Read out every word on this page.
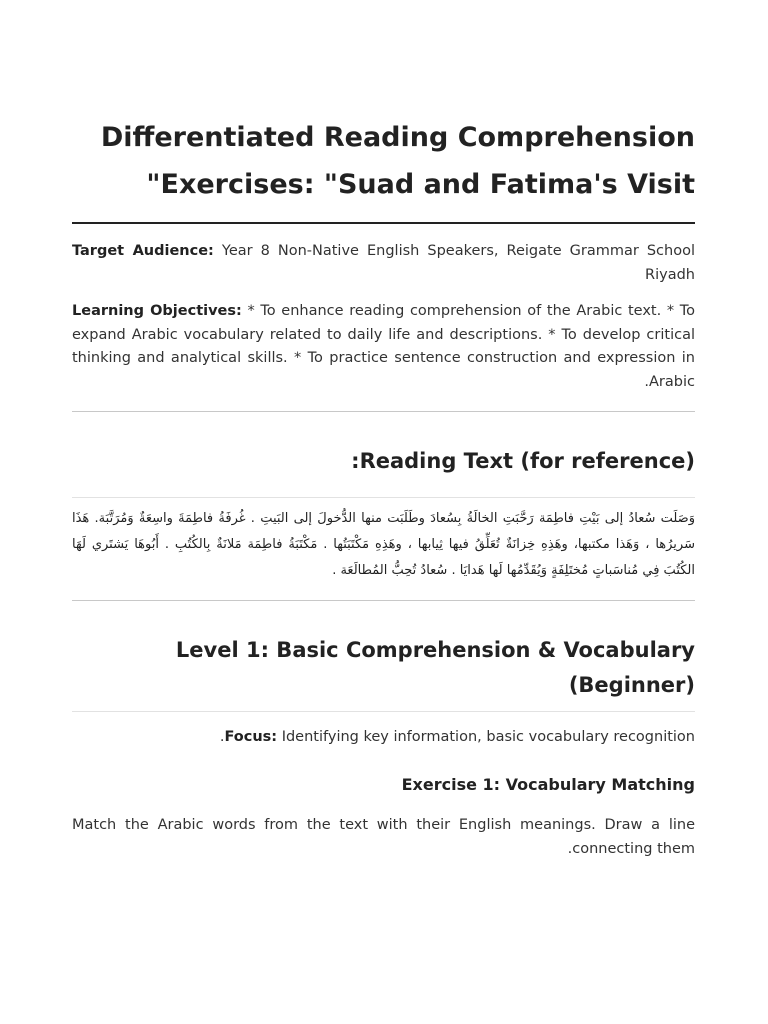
Differentiated Reading Comprehension Exercises: "Suad and Fatima's Visit"

Target Audience: Year 8 Non-Native English Speakers, Reigate Grammar School Riyadh

Learning Objectives: * To enhance reading comprehension of the Arabic text. * To expand Arabic vocabulary related to daily life and descriptions. * To develop critical thinking and analytical skills. * To practice sentence construction and expression in Arabic.

Reading Text (for reference):

وَصَلَت سُعادُ إلى بَيْتِ فاطِمَة رَحَّبَتِ الخالَةُ بِسُعادَ وطَلَبَت منها الدُّخولَ إلى البَيتِ . غُرفَةُ فاطِمَةَ واسِعَةٌ وَمُرَتَّبَة. هَذَا سَريرُها ، وَهَذا مكتبها، وهَذِهِ خِزانَةٌ تُعَلِّقُ فيها ثِيابها ، وهَذِهِ مَكْتَبَتُها . مَكْتَبَةُ فاطِمَة مَلانَةٌ بِالكُتُبِ . أَبُوهَا يَشتَري لَهَا الكُتُبَ فِي مُناسَباتٍ مُختَلِفَةٍ وَيُقَدِّمُها لَها هَدايَا . سُعادُ تُحِبُّ المُطالَعَة .

Level 1: Basic Comprehension & Vocabulary (Beginner)

Focus: Identifying key information, basic vocabulary recognition.

Exercise 1: Vocabulary Matching

Match the Arabic words from the text with their English meanings. Draw a line connecting them.
